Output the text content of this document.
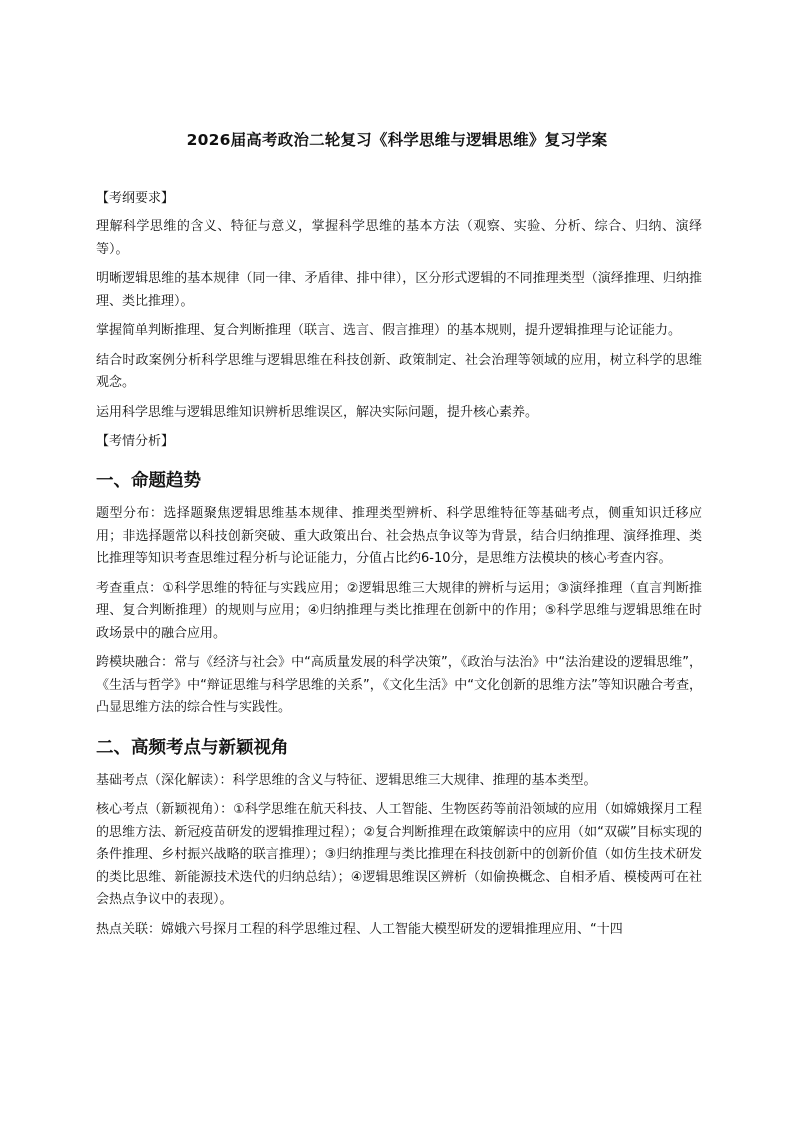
2026届高考政治二轮复习《科学思维与逻辑思维》复习学案
【考纲要求】

理解科学思维的含义、特征与意义，掌握科学思维的基本方法（观察、实验、分析、综合、归纳、演绎等）。

明晰逻辑思维的基本规律（同一律、矛盾律、排中律），区分形式逻辑的不同推理类型（演绎推理、归纳推理、类比推理）。

掌握简单判断推理、复合判断推理（联言、选言、假言推理）的基本规则，提升逻辑推理与论证能力。

结合时政案例分析科学思维与逻辑思维在科技创新、政策制定、社会治理等领域的应用，树立科学的思维观念。

运用科学思维与逻辑思维知识辨析思维误区，解决实际问题，提升核心素养。

【考情分析】
一、命题趋势

题型分布：选择题聚焦逻辑思维基本规律、推理类型辨析、科学思维特征等基础考点，侧重知识迁移应用；非选择题常以科技创新突破、重大政策出台、社会热点争议等为背景，结合归纳推理、演绎推理、类比推理等知识考查思维过程分析与论证能力，分值占比约6-10分，是思维方法模块的核心考查内容。

考查重点：①科学思维的特征与实践应用；②逻辑思维三大规律的辨析与运用；③演绎推理（直言判断推理、复合判断推理）的规则与应用；④归纳推理与类比推理在创新中的作用；⑤科学思维与逻辑思维在时政场景中的融合应用。

跨模块融合：常与《经济与社会》中“高质量发展的科学决策”，《政治与法治》中“法治建设的逻辑思维”，《生活与哲学》中“辩证思维与科学思维的关系”，《文化生活》中“文化创新的思维方法”等知识融合考查，凸显思维方法的综合性与实践性。

二、高频考点与新颖视角

基础考点（深化解读）：科学思维的含义与特征、逻辑思维三大规律、推理的基本类型。

核心考点（新颖视角）：①科学思维在航天科技、人工智能、生物医药等前沿领域的应用（如嫦娥探月工程的思维方法、新冠疫苗研发的逻辑推理过程）；②复合判断推理在政策解读中的应用（如“双碳”目标实现的条件推理、乡村振兴战略的联言推理）；③归纳推理与类比推理在科技创新中的创新价值（如仿生技术研发的类比思维、新能源技术迭代的归纳总结）；④逻辑思维误区辨析（如偷换概念、自相矛盾、模棱两可在社会热点争议中的表现）。

热点关联：嫦娥六号探月工程的科学思维过程、人工智能大模型研发的逻辑推理应用、“十四
